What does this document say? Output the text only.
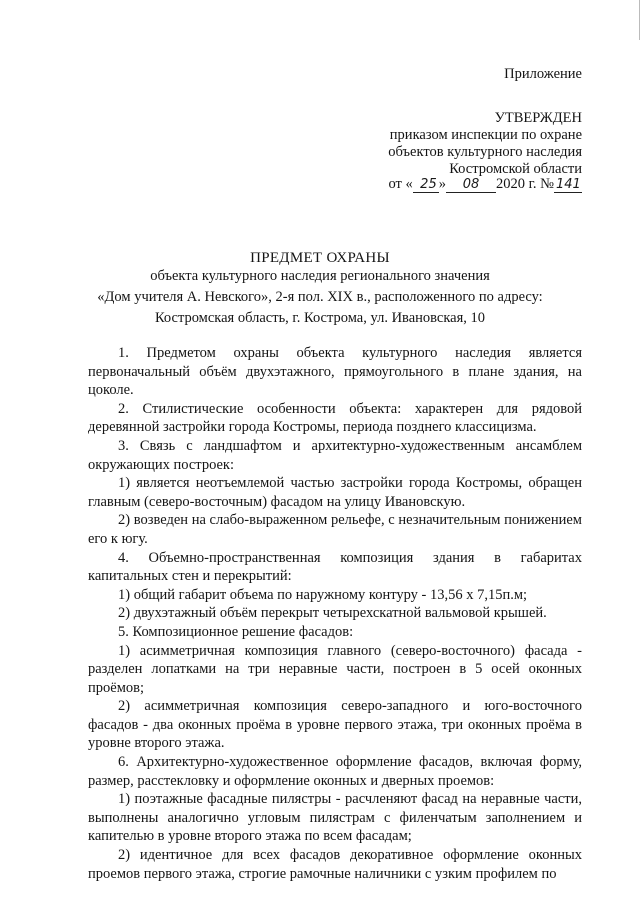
Приложение
УТВЕРЖДЕН
приказом инспекции по охране
объектов культурного наследия
Костромской области
от « 25 » 08 2020 г. № 141
ПРЕДМЕТ ОХРАНЫ
объекта культурного наследия регионального значения
«Дом учителя А. Невского», 2-я пол. XIX в., расположенного по адресу:
Костромская область, г. Кострома, ул. Ивановская, 10

1. Предметом охраны объекта культурного наследия является первоначальный объём двухэтажного, прямоугольного в плане здания, на цоколе.

2. Стилистические особенности объекта: характерен для рядовой деревянной застройки города Костромы, периода позднего классицизма.

3. Связь с ландшафтом и архитектурно-художественным ансамблем окружающих построек:

1) является неотъемлемой частью застройки города Костромы, обращен главным (северо-восточным) фасадом на улицу Ивановскую.

2) возведен на слабо-выраженном рельефе, с незначительным понижением его к югу.

4. Объемно-пространственная композиция здания в габаритах капитальных стен и перекрытий:

1) общий габарит объема по наружному контуру - 13,56 х 7,15п.м;

2) двухэтажный объём перекрыт четырехскатной вальмовой крышей.

5. Композиционное решение фасадов:

1) асимметричная композиция главного (северо-восточного) фасада - разделен лопатками на три неравные части, построен в 5 осей оконных проёмов;

2) асимметричная композиция северо-западного и юго-восточного фасадов - два оконных проёма в уровне первого этажа, три оконных проёма в уровне второго этажа.

6. Архитектурно-художественное оформление фасадов, включая форму, размер, расстекловку и оформление оконных и дверных проемов:

1) поэтажные фасадные пилястры - расчленяют фасад на неравные части, выполнены аналогично угловым пилястрам с филенчатым заполнением и капителью в уровне второго этажа по всем фасадам;

2) идентичное для всех фасадов декоративное оформление оконных проемов первого этажа, строгие рамочные наличники с узким профилем по
